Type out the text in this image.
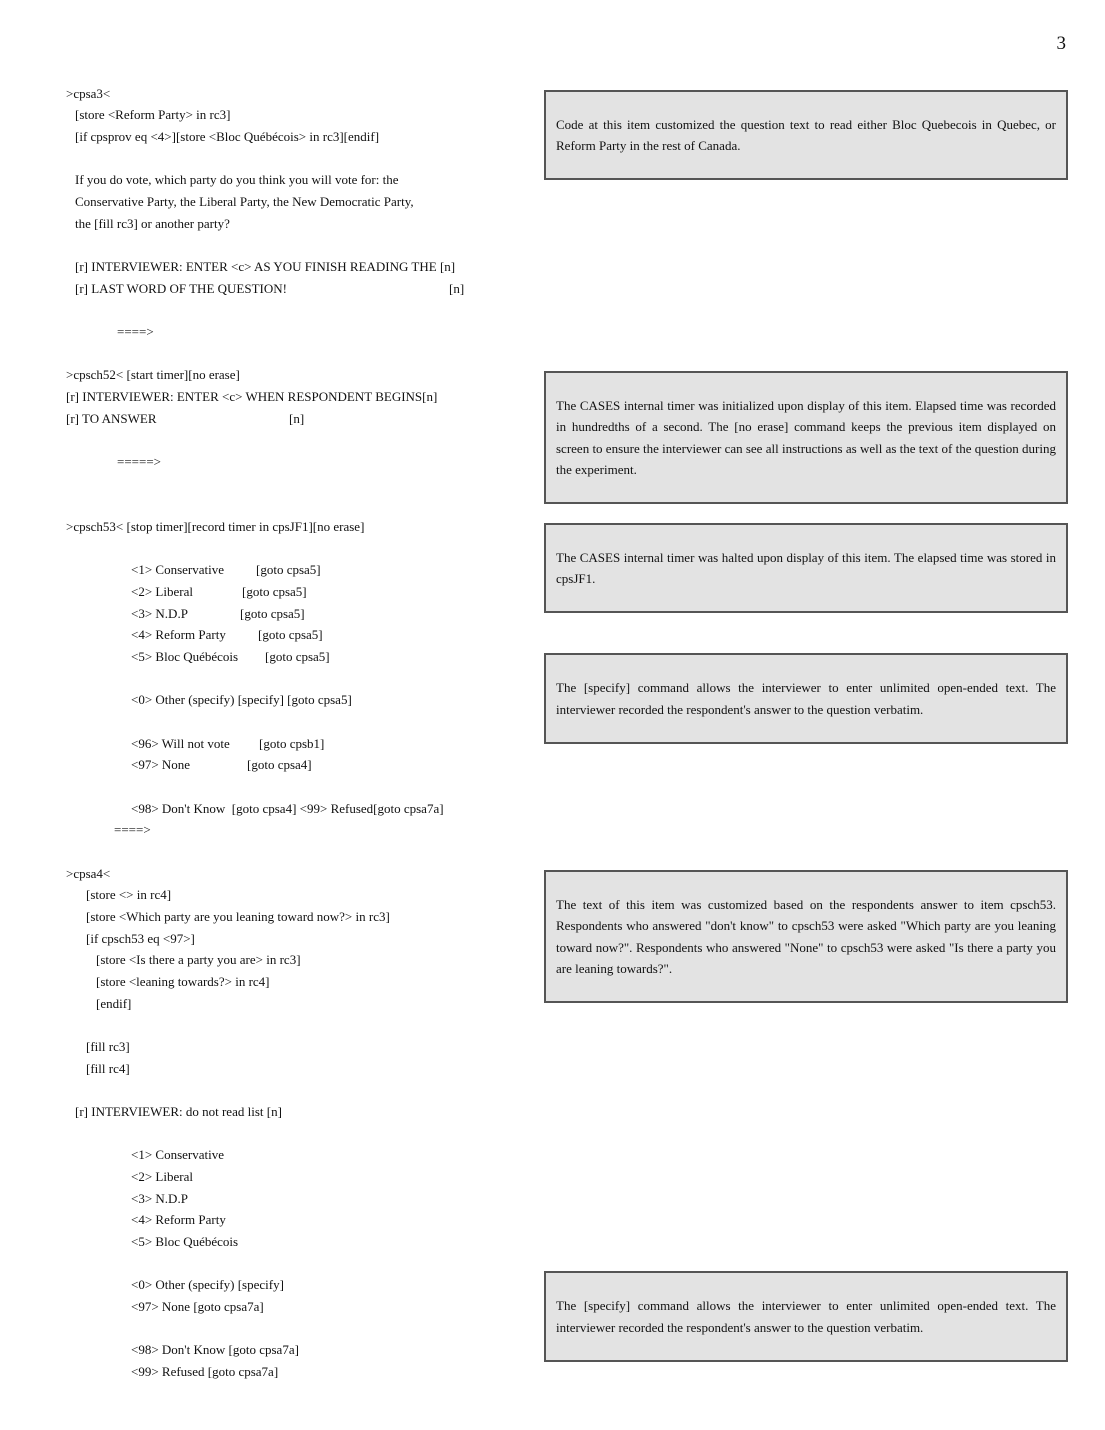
3
>cpsa3<
[store <Reform Party> in rc3]
[if cpsprov eq <4>][store <Bloc Québécois> in rc3][endif]
If you do vote, which party do you think you will vote for: the
Conservative Party, the Liberal Party, the New Democratic Party,
the [fill rc3] or another party?
[r] INTERVIEWER: ENTER <c> AS YOU FINISH READING THE [n]
[r] LAST WORD OF THE QUESTION!	[n]
====>
>cpsch52< [start timer][no erase]
[r] INTERVIEWER: ENTER <c> WHEN RESPONDENT BEGINS[n]
[r] TO ANSWER	[n]
=====>
>cpsch53< [stop timer][record timer in cpsJF1][no erase]
<1> Conservative [goto cpsa5]
<2> Liberal	[goto cpsa5]
<3> N.D.P	[goto cpsa5]
<4> Reform Party [goto cpsa5]
<5> Bloc Québécois [goto cpsa5]
<0> Other (specify) [specify] [goto cpsa5]
<96> Will not vote [goto cpsb1]
<97> None	[goto cpsa4]
<98> Don't Know  [goto cpsa4] <99> Refused[goto cpsa7a]
====>
>cpsa4<
[store <> in rc4]
[store <Which party are you leaning toward now?> in rc3]
[if cpsch53 eq <97>]
[store <Is there a party you are> in rc3]
[store <leaning towards?> in rc4]
[endif]
[fill rc3]
[fill rc4]
[r] INTERVIEWER: do not read list [n]
<1> Conservative
<2> Liberal
<3> N.D.P
<4> Reform Party
<5> Bloc Québécois
<0> Other (specify) [specify]
<97> None [goto cpsa7a]
<98> Don't Know [goto cpsa7a]
<99> Refused [goto cpsa7a]
Code at this item customized the question text to read either Bloc Quebecois in Quebec, or Reform Party in the rest of Canada.
The CASES internal timer was initialized upon display of this item. Elapsed time was recorded in hundredths of a second. The [no erase] command keeps the previous item displayed on screen to ensure the interviewer can see all instructions as well as the text of the question during the experiment.
The CASES internal timer was halted upon display of this item. The elapsed time was stored in cpsJF1.
The [specify] command allows the interviewer to enter unlimited open-ended text. The interviewer recorded the respondent's answer to the question verbatim.
The text of this item was customized based on the respondents answer to item cpsch53. Respondents who answered "don't know" to cpsch53 were asked "Which party are you leaning toward now?". Respondents who answered "None" to cpsch53 were asked "Is there a party you are leaning towards?".
The [specify] command allows the interviewer to enter unlimited open-ended text. The interviewer recorded the respondent's answer to the question verbatim.
